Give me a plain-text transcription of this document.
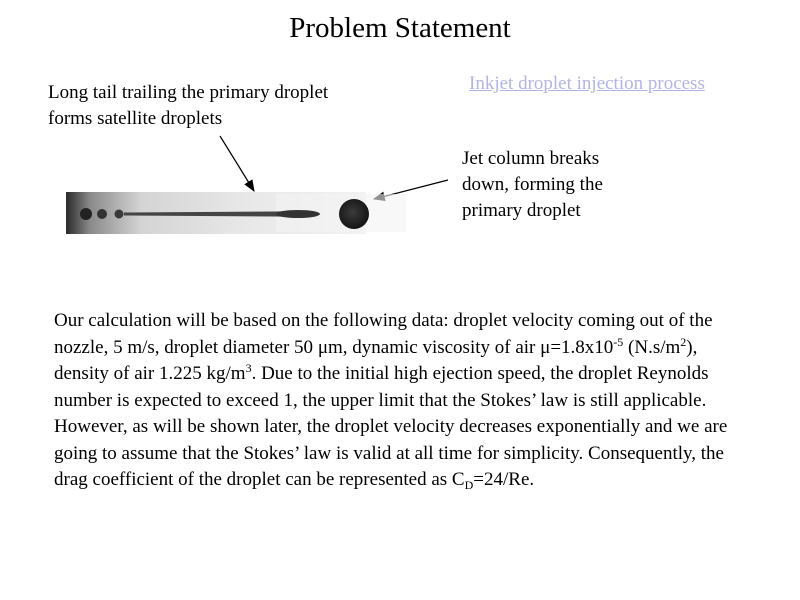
Problem Statement
Long tail trailing the primary droplet forms satellite droplets
Inkjet droplet injection process
Jet column breaks down, forming the primary droplet
Our calculation will be based on the following data: droplet velocity coming out of the nozzle, 5 m/s, droplet diameter 50 μm, dynamic viscosity of air $\mu=1.8x10^{-5}$ $(N.s/m^2)$, density of air 1.225 $kg/m^3$. Due to the initial high ejection speed, the droplet Reynolds number is expected to exceed 1, the upper limit that the Stokes’ law is still applicable. However, as will be shown later, the droplet velocity decreases exponentially and we are going to assume that the Stokes’ law is valid at all time for simplicity. Consequently, the drag coefficient of the droplet can be represented as $C_D=24/Re$.
